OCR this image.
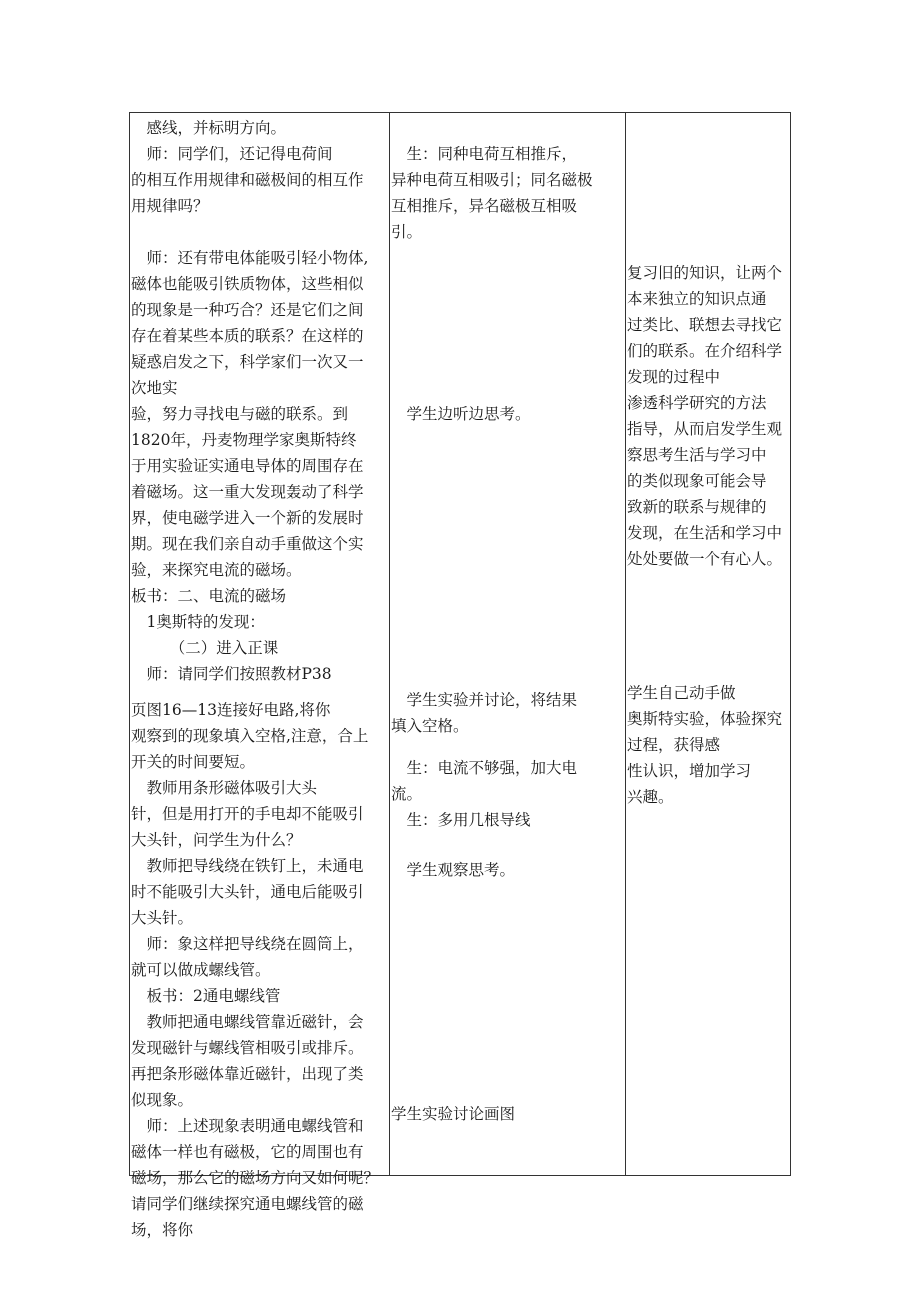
　感线，并标明方向。
　师：同学们，还记得电荷间
的相互作用规律和磁极间的相互作
用规律吗？
　师：还有带电体能吸引轻小物体,
磁体也能吸引铁质物体，这些相似
的现象是一种巧合？还是它们之间
存在着某些本质的联系？在这样的
疑惑启发之下，科学家们一次又一
次地实
验，努力寻找电与磁的联系。到
1820年，丹麦物理学家奥斯特终
于用实验证实通电导体的周围存在
着磁场。这一重大发现轰动了科学
界，使电磁学进入一个新的发展时
期。现在我们亲自动手重做这个实
验，来探究电流的磁场。
板书：二、电流的磁场
　1奥斯特的发现：
　　　（二）进入正课
　师：请同学们按照教材P38
页图16—13连接好电路,将你
观察到的现象填入空格,注意，合上
开关的时间要短。
　教师用条形磁体吸引大头
针，但是用打开的手电却不能吸引
大头针，问学生为什么？
　教师把导线绕在铁钉上，未通电
时不能吸引大头针，通电后能吸引
大头针。
　师：象这样把导线绕在圆筒上，
就可以做成螺线管。
　板书：2通电螺线管
　教师把通电螺线管靠近磁针，会
发现磁针与螺线管相吸引或排斥。
再把条形磁体靠近磁针，出现了类
似现象。
　师：上述现象表明通电螺线管和
磁体一样也有磁极，它的周围也有
磁场，那么它的磁场方向又如何呢？
请同学们继续探究通电螺线管的磁
场，将你
　生：同种电荷互相推斥，
异种电荷互相吸引；同名磁极
互相推斥，异名磁极互相吸
引。
　学生边听边思考。
　学生实验并讨论，将结果
填入空格。
　生：电流不够强，加大电
流。
　生：多用几根导线
　学生观察思考。
学生实验讨论画图
复习旧的知识，让两个
本来独立的知识点通
过类比、联想去寻找它
们的联系。在介绍科学
发现的过程中
渗透科学研究的方法
指导，从而启发学生观
察思考生活与学习中
的类似现象可能会导
致新的联系与规律的
发现，在生活和学习中
处处要做一个有心人。
学生自己动手做
奥斯特实验，体验探究
过程，获得感
性认识，增加学习
兴趣。
